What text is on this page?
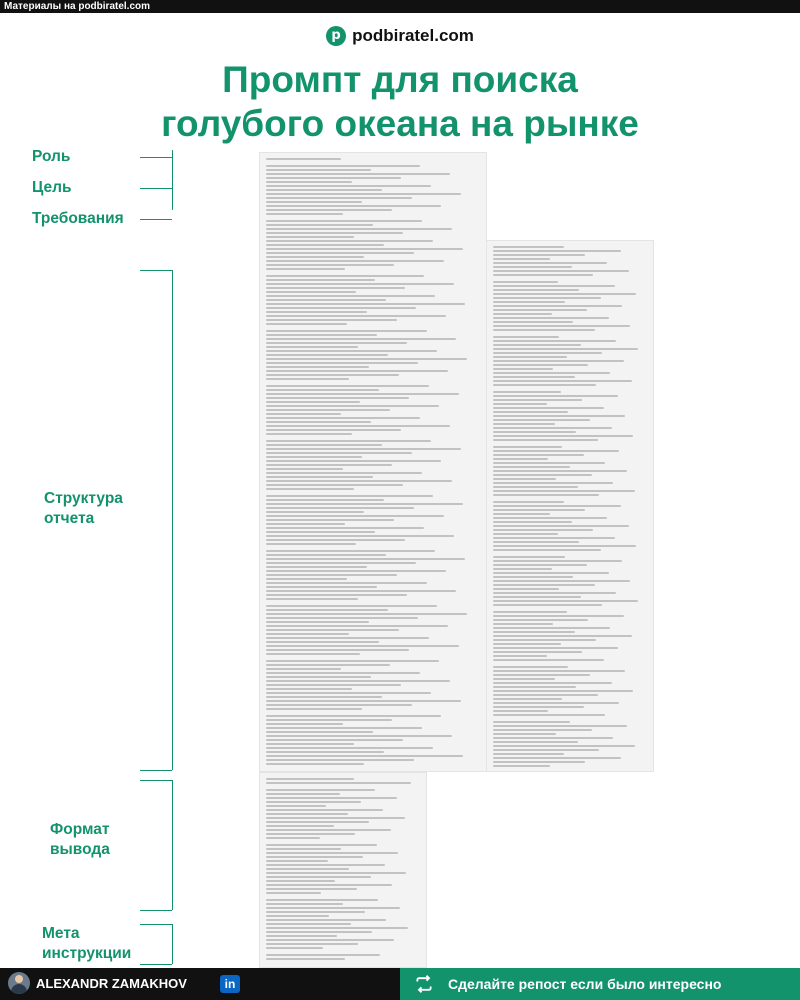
Материалы на podbiratel.com
p podbiratel.com
Промпт для поиска
голубого океана на рынке
Роль
Цель
Требования
Структура
отчета
Формат
вывода
Мета
инструкции
ALEXANDR ZAMAKHOV	in	Сделайте репост если было интересно
